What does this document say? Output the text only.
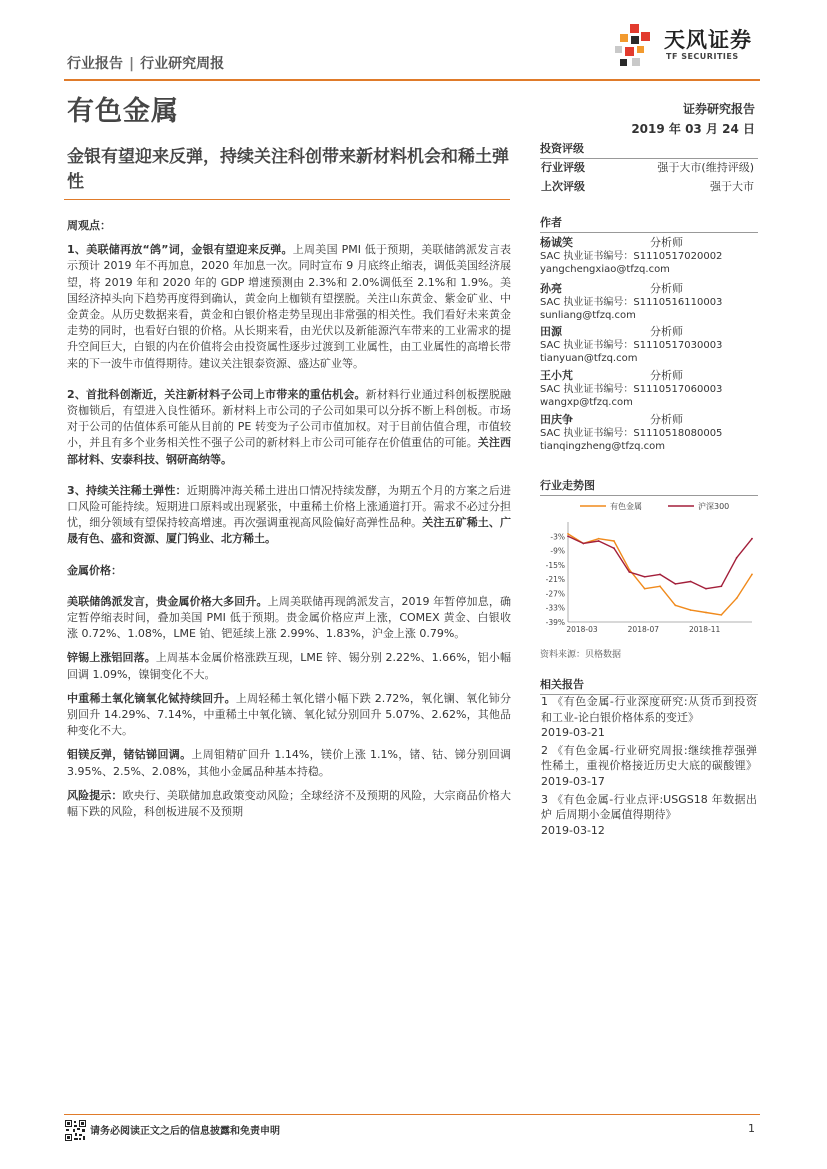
天风证券
TF SECURITIES
行业报告 | 行业研究周报
有色金属	证券研究报告
2019 年 03 月 24 日
金银有望迎来反弹，持续关注科创带来新材料机会和稀土弹性

周观点：

1、美联储再放“鸽”词，金银有望迎来反弹。上周美国 PMI 低于预期，美联储鸽派发言表示预计 2019 年不再加息，2020 年加息一次。同时宣布 9 月底终止缩表，调低美国经济展望，将 2019 年和 2020 年的 GDP 增速预测由 2.3%和 2.0%调低至 2.1%和 1.9%。美国经济掉头向下趋势再度得到确认，黄金向上枷锁有望摆脱。关注山东黄金、紫金矿业、中金黄金。从历史数据来看，黄金和白银价格走势呈现出非常强的相关性。我们看好未来黄金走势的同时，也看好白银的价格。从长期来看，由光伏以及新能源汽车带来的工业需求的提升空间巨大，白银的内在价值将会由投资属性逐步过渡到工业属性，由工业属性的高增长带来的下一波牛市值得期待。建议关注银泰资源、盛达矿业等。

2、首批科创渐近，关注新材料子公司上市带来的重估机会。新材料行业通过科创板摆脱融资枷锁后，有望进入良性循环。新材料上市公司的子公司如果可以分拆不断上科创板。市场对于公司的估值体系可能从目前的 PE 转变为子公司市值加权。对于目前估值合理，市值较小，并且有多个业务相关性不强子公司的新材料上市公司可能存在价值重估的可能。关注西部材料、安泰科技、钢研高纳等。

3、持续关注稀土弹性：近期腾冲海关稀土进出口情况持续发酵，为期五个月的方案之后进口风险可能持续。短期进口原料或出现紧张，中重稀土价格上涨通道打开。需求不必过分担忧，细分领域有望保持较高增速。再次强调重视高风险偏好高弹性品种。关注五矿稀土、广晟有色、盛和资源、厦门钨业、北方稀土。

金属价格：

美联储鸽派发言，贵金属价格大多回升。上周美联储再现鸽派发言，2019 年暂停加息，确定暂停缩表时间，叠加美国 PMI 低于预期。贵金属价格应声上涨，COMEX 黄金、白银收涨 0.72%、1.08%，LME 铂、钯延续上涨 2.99%、1.83%，沪金上涨 0.79%。

锌锡上涨铝回落。上周基本金属价格涨跌互现，LME 锌、锡分别 2.22%、1.66%，铝小幅回调 1.09%，镍铜变化不大。

中重稀土氧化镝氧化铽持续回升。上周轻稀土氧化镨小幅下跌 2.72%，氧化镧、氧化铈分别回升 14.29%、7.14%，中重稀土中氧化镝、氧化铽分别回升 5.07%、2.62%，其他品种变化不大。

钼镁反弹，锗钴锑回调。上周钼精矿回升 1.14%，镁价上涨 1.1%，锗、钴、锑分别回调 3.95%、2.5%、2.08%，其他小金属品种基本持稳。

风险提示：欧央行、美联储加息政策变动风险；全球经济不及预期的风险，大宗商品价格大幅下跌的风险，科创板进展不及预期

投资评级
行业评级	强于大市(维持评级)
上次评级	强于大市
作者
杨诚笑	分析师
SAC 执业证书编号：S1110517020002
yangchengxiao@tfzq.com
孙亮	分析师
SAC 执业证书编号：S1110516110003
sunliang@tfzq.com
田源	分析师
SAC 执业证书编号：S1110517030003
tianyuan@tfzq.com
王小芃	分析师
SAC 执业证书编号：S1110517060003
wangxp@tfzq.com
田庆争	分析师
SAC 执业证书编号：S1110518080005
tianqingzheng@tfzq.com
行业走势图
-3%
-9%
-15%
-21%
-27%
-33%
-39%
2018-03	2018-07	2018-11
有色金属	沪深300
资料来源：贝格数据
相关报告
1 《有色金属-行业深度研究:从货币到投资和工业-论白银价格体系的变迁》
2019-03-21
2 《有色金属-行业研究周报:继续推荐强弹性稀土，重视价格接近历史大底的碳酸锂》 2019-03-17
3 《有色金属-行业点评:USGS18 年数据出炉 后周期小金属值得期待》
2019-03-12
请务必阅读正文之后的信息披露和免责申明	1
